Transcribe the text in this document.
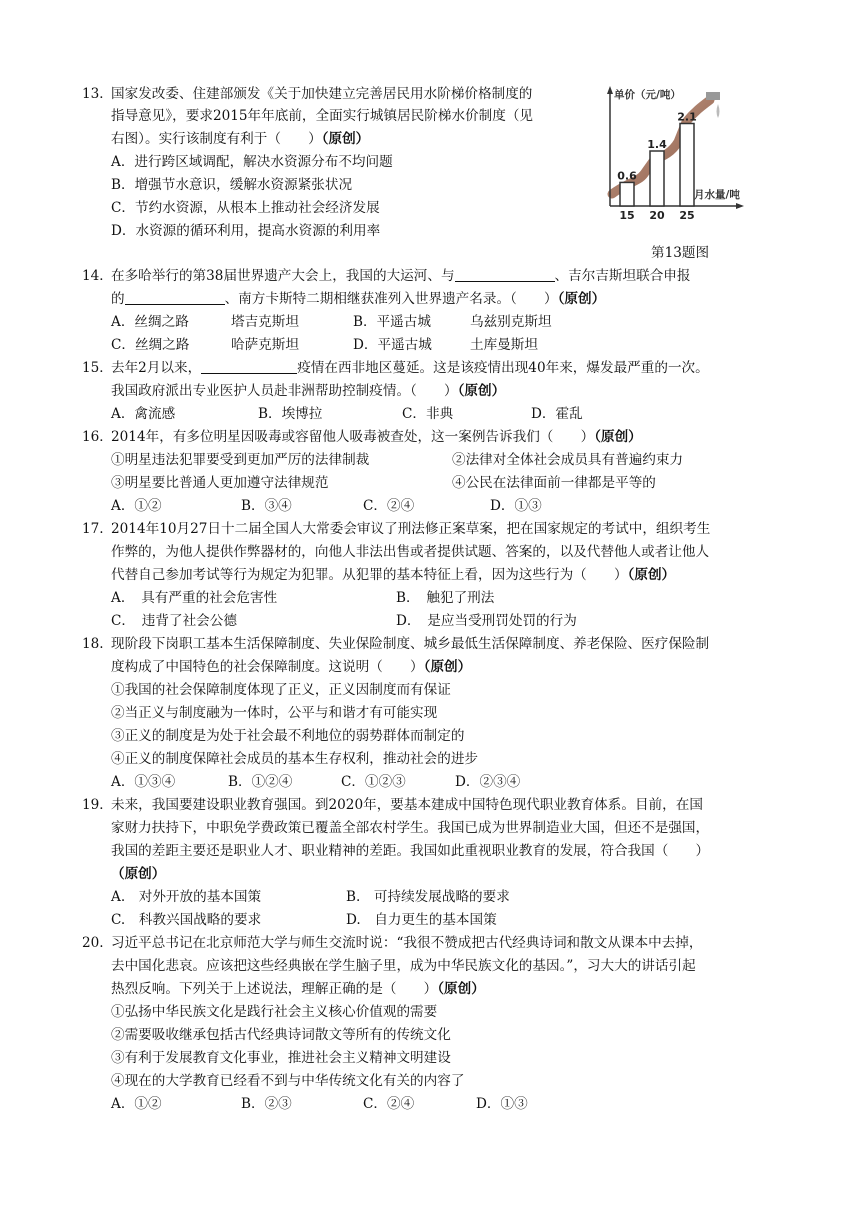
13．
国家发改委、住建部颁发《关于加快建立完善居民用水阶梯价格制度的
指导意见》，要求2015年年底前，全面实行城镇居民阶梯水价制度（见
右图）。实行该制度有利于（　　）（原创）
A．进行跨区域调配，解决水资源分布不均问题
B．增强节水意识，缓解水资源紧张状况
C．节约水资源，从根本上推动社会经济发展
D．水资源的循环利用，提高水资源的利用率
单价（元/吨）
月水量/吨
0.6
15
1.4
20
2.1
25
第13题图
14．
在多哈举行的第38届世界遗产大会上，我国的大运河、与	、吉尔吉斯坦联合申报
的	、南方卡斯特二期相继获准列入世界遗产名录。（　　）（原创）
A．丝绸之路	塔吉克斯坦	B．平遥古城	乌兹别克斯坦
C．丝绸之路	哈萨克斯坦	D．平遥古城	土库曼斯坦
15．
去年2月以来，	疫情在西非地区蔓延。这是该疫情出现40年来，爆发最严重的一次。
我国政府派出专业医护人员赴非洲帮助控制疫情。（　　）（原创）
A．禽流感	B．埃博拉	C．非典	D．霍乱
16．
2014年，有多位明星因吸毒或容留他人吸毒被查处，这一案例告诉我们（　　）（原创）
①明星违法犯罪要受到更加严厉的法律制裁	②法律对全体社会成员具有普遍约束力
③明星要比普通人更加遵守法律规范	④公民在法律面前一律都是平等的
A．①②	B．③④	C．②④	D．①③
17. 2014年10月27日十二届全国人大常委会审议了刑法修正案草案，把在国家规定的考试中，组织考生
作弊的，为他人提供作弊器材的，向他人非法出售或者提供试题、答案的，以及代替他人或者让他人
代替自己参加考试等行为规定为犯罪。从犯罪的基本特征上看，因为这些行为（　　）（原创）
A．　具有严重的社会危害性	B．　触犯了刑法
C．　违背了社会公德	D．　是应当受刑罚处罚的行为
18. 现阶段下岗职工基本生活保障制度、失业保险制度、城乡最低生活保障制度、养老保险、医疗保险制
度构成了中国特色的社会保障制度。这说明（　　）（原创）
①我国的社会保障制度体现了正义，正义因制度而有保证
②当正义与制度融为一体时，公平与和谐才有可能实现
③正义的制度是为处于社会最不利地位的弱势群体而制定的
④正义的制度保障社会成员的基本生存权利，推动社会的进步
A．①③④	B．①②④	C．①②③	D．②③④
19．
未来，我国要建设职业教育强国。到2020年，要基本建成中国特色现代职业教育体系。目前，在国
家财力扶持下，中职免学费政策已覆盖全部农村学生。我国已成为世界制造业大国，但还不是强国，
我国的差距主要还是职业人才、职业精神的差距。我国如此重视职业教育的发展，符合我国（　　）
（原创）
A.　对外开放的基本国策	B.　可持续发展战略的要求
C.　科教兴国战略的要求	D.　自力更生的基本国策
20. 习近平总书记在北京师范大学与师生交流时说：“我很不赞成把古代经典诗词和散文从课本中去掉，
去中国化悲哀。应该把这些经典嵌在学生脑子里，成为中华民族文化的基因。”，习大大的讲话引起
热烈反响。下列关于上述说法，理解正确的是（　　）（原创）
①弘扬中华民族文化是践行社会主义核心价值观的需要
②需要吸收继承包括古代经典诗词散文等所有的传统文化
③有利于发展教育文化事业，推进社会主义精神文明建设
④现在的大学教育已经看不到与中华传统文化有关的内容了
A．①②	B．②③	C．②④	D．①③
